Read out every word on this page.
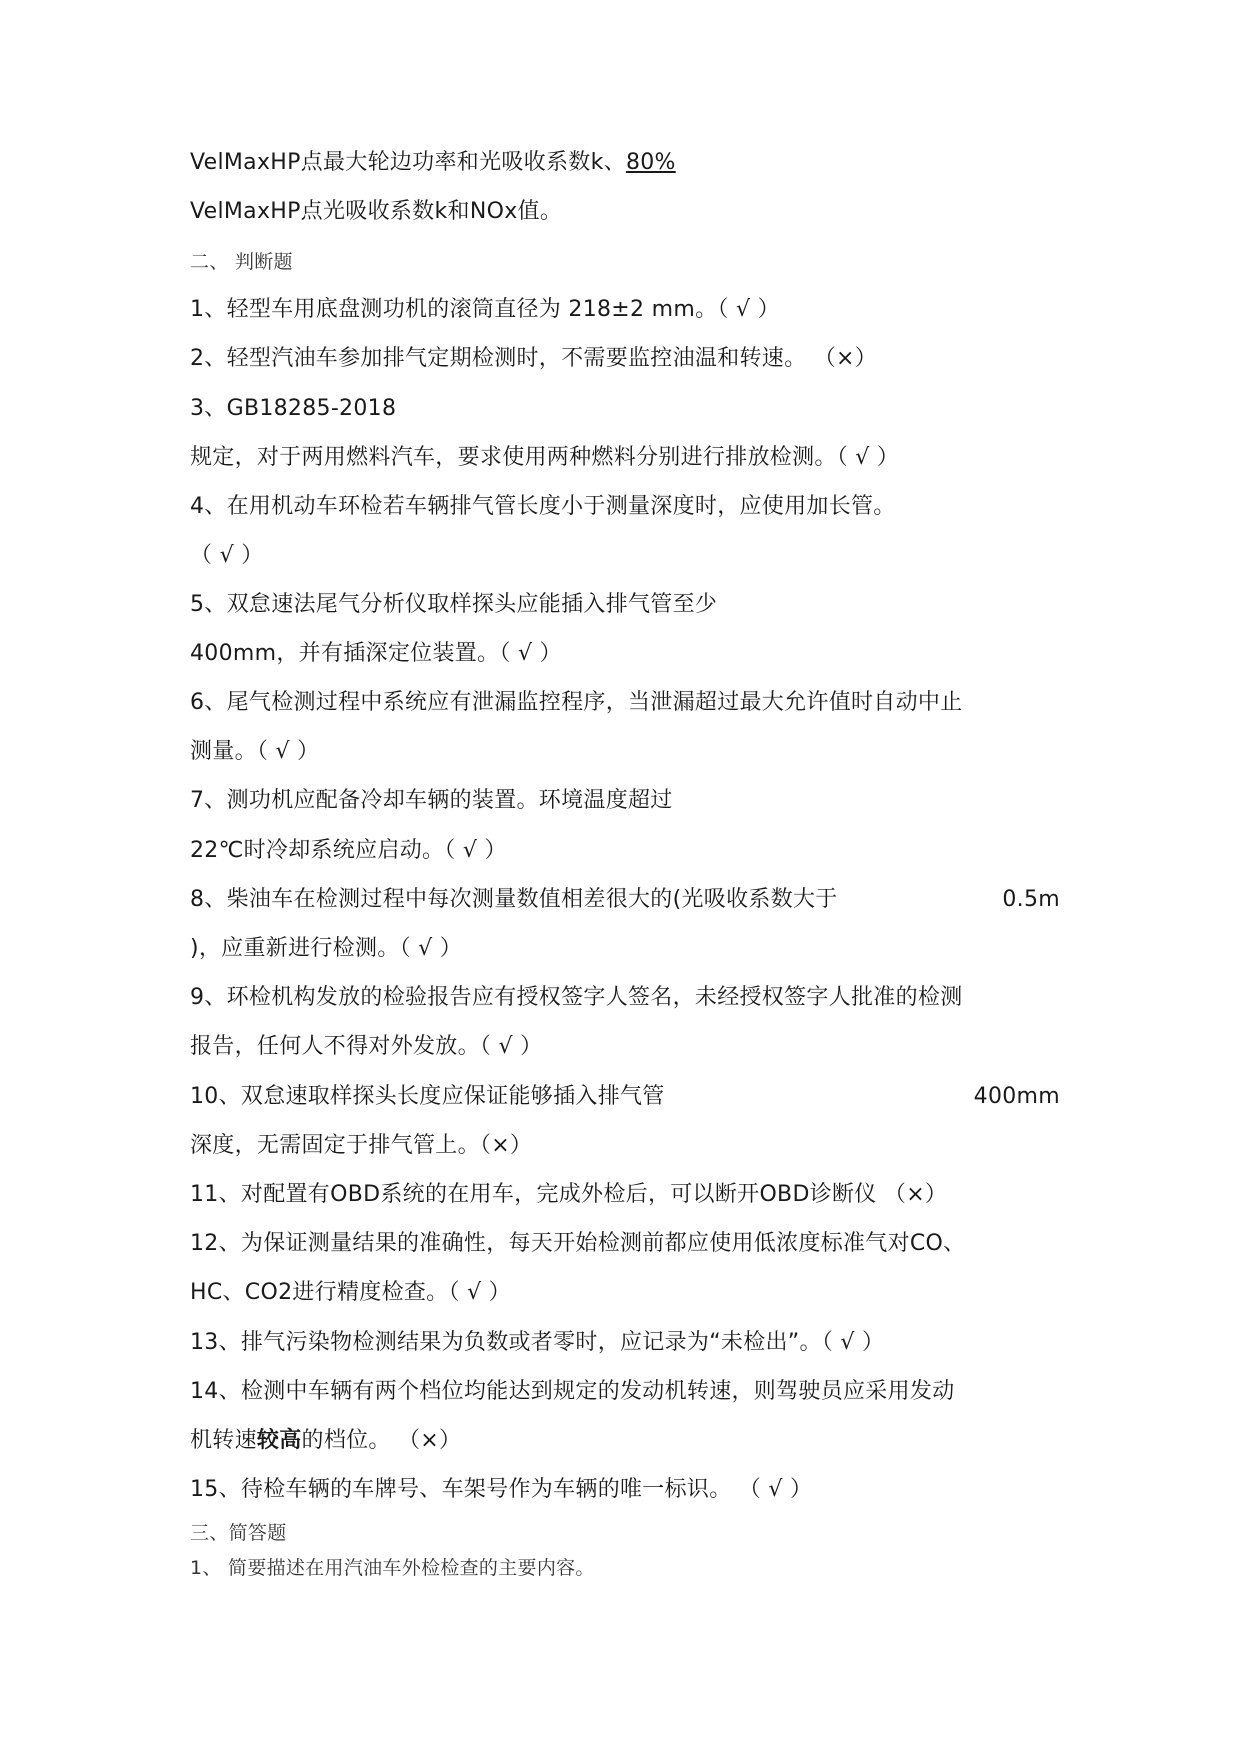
VelMaxHP点最大轮边功率和光吸收系数k、80%
VelMaxHP点光吸收系数k和NOx值。
二、 判断题
1、轻型车用底盘测功机的滚筒直径为 218±2 mm。（ √ ）
2、轻型汽油车参加排气定期检测时，不需要监控油温和转速。 （×）
3、GB18285-2018
规定，对于两用燃料汽车，要求使用两种燃料分别进行排放检测。（ √ ）
4、在用机动车环检若车辆排气管长度小于测量深度时，应使用加长管。
（ √ ）
5、双怠速法尾气分析仪取样探头应能插入排气管至少
400mm，并有插深定位装置。（ √ ）
6、尾气检测过程中系统应有泄漏监控程序，当泄漏超过最大允许值时自动中止
测量。（ √ ）
7、测功机应配备冷却车辆的装置。环境温度超过
22℃时冷却系统应启动。（ √ ）
8、柴油车在检测过程中每次测量数值相差很大的(光吸收系数大于	0.5m
)，应重新进行检测。（ √ ）
9、环检机构发放的检验报告应有授权签字人签名，未经授权签字人批准的检测
报告，任何人不得对外发放。（ √ ）
10、双怠速取样探头长度应保证能够插入排气管	400mm
深度，无需固定于排气管上。（×）
11、对配置有OBD系统的在用车，完成外检后，可以断开OBD诊断仪 （×）
12、为保证测量结果的准确性，每天开始检测前都应使用低浓度标准气对CO、
HC、CO2进行精度检查。（ √ ）
13、排气污染物检测结果为负数或者零时，应记录为“未检出”。（ √ ）
14、检测中车辆有两个档位均能达到规定的发动机转速，则驾驶员应采用发动
机转速较高的档位。 （×）
15、待检车辆的车牌号、车架号作为车辆的唯一标识。 （ √ ）
三、简答题
1、 简要描述在用汽油车外检检查的主要内容。
